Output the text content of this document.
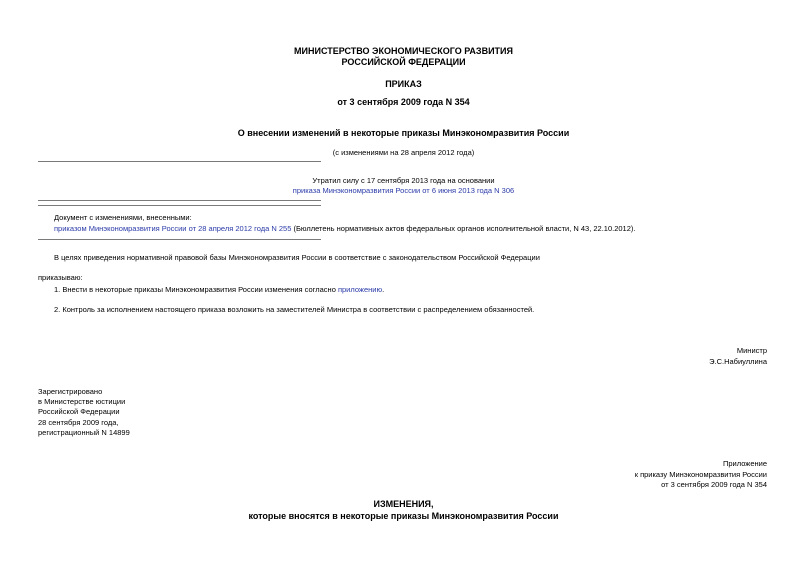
МИНИСТЕРСТВО ЭКОНОМИЧЕСКОГО РАЗВИТИЯ
РОССИЙСКОЙ ФЕДЕРАЦИИ
ПРИКАЗ
от 3 сентября 2009 года N 354
О внесении изменений в некоторые приказы Минэкономразвития России
(с изменениями на 28 апреля 2012 года)
Утратил силу с 17 сентября 2013 года на основании
приказа Минэкономразвития России от 6 июня 2013 года N 306
Документ с изменениями, внесенными:
приказом Минэкономразвития России от 28 апреля 2012 года N 255 (Бюллетень нормативных актов федеральных органов исполнительной власти, N 43, 22.10.2012).
В целях приведения нормативной правовой базы Минэкономразвития России в соответствие с законодательством Российской Федерации
приказываю:
1. Внести в некоторые приказы Минэкономразвития России изменения согласно приложению.
2. Контроль за исполнением настоящего приказа возложить на заместителей Министра в соответствии с распределением обязанностей.
Министр
Э.С.Набиуллина
Зарегистрировано
в Министерстве юстиции
Российской Федерации
28 сентября 2009 года,
регистрационный N 14899
Приложение
к приказу Минэкономразвития России
от 3 сентября 2009 года N 354
ИЗМЕНЕНИЯ,
которые вносятся в некоторые приказы Минэкономразвития России
